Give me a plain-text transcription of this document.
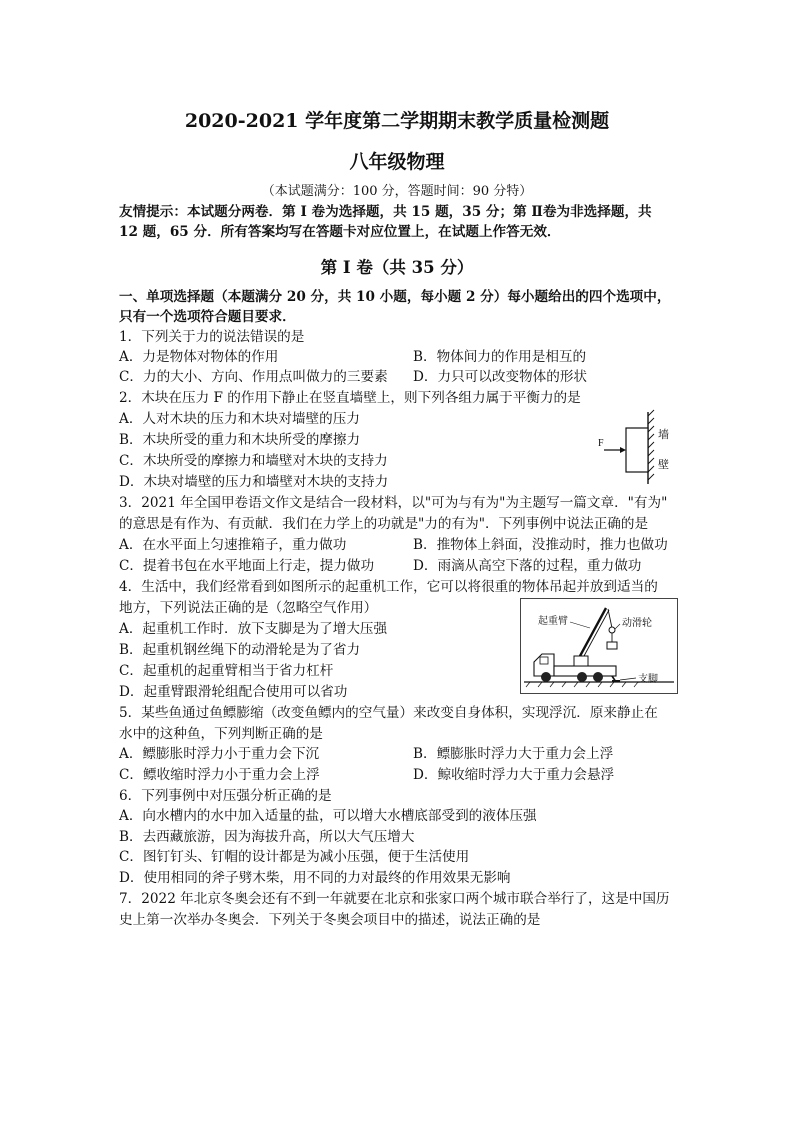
2020-2021 学年度第二学期期末教学质量检测题
八年级物理
（本试题满分：100 分，答题时间：90 分特）
友情提示：本试题分两卷．第 I 卷为选择题，共 15 题，35 分；第 Ⅱ卷为非选择题，共
12 题，65 分．所有答案均写在答题卡对应位置上，在试题上作答无效．
第 I 卷（共 35 分）
一、单项选择题（本题满分 20 分，共 10 小题，每小题 2 分）每小题给出的四个选项中，
只有一个选项符合题目要求．
1．下列关于力的说法错误的是
A．力是物体对物体的作用	B．物体间力的作用是相互的
C．力的大小、方向、作用点叫做力的三要素 D．力只可以改变物体的形状
2．木块在压力 F 的作用下静止在竖直墙壁上，则下列各组力属于平衡力的是
A．人对木块的压力和木块对墙壁的压力
B．木块所受的重力和木块所受的摩擦力
C．木块所受的摩擦力和墙壁对木块的支持力
D．木块对墙壁的压力和墙壁对木块的支持力
F
墙
壁
3．2021 年全国甲卷语文作文是结合一段材料，以"可为与有为"为主题写一篇文章．"有为"
的意思是有作为、有贡献．我们在力学上的功就是"力的有为"．下列事例中说法正确的是
A．在水平面上匀速推箱子，重力做功	B．推物体上斜面，没推动时，推力也做功
C．提着书包在水平地面上行走，提力做功	D．雨滴从高空下落的过程，重力做功
4．生活中，我们经常看到如图所示的起重机工作，它可以将很重的物体吊起并放到适当的
地方，下列说法正确的是（忽略空气作用）
A．起重机工作时．放下支脚是为了增大压强
B．起重机钢丝绳下的动滑轮是为了省力
C．起重机的起重臂相当于省力杠杆
D．起重臂跟滑轮组配合使用可以省功
起重臂	动滑轮
支脚
5．某些鱼通过鱼鳔膨缩（改变鱼鳔内的空气量）来改变自身体积，实现浮沉．原来静止在
水中的这种鱼，下列判断正确的是
A．鳔膨胀时浮力小于重力会下沉	B．鳔膨胀时浮力大于重力会上浮
C．鳔收缩时浮力小于重力会上浮	D．鲸收缩时浮力大于重力会悬浮
6．下列事例中对压强分析正确的是
A．向水槽内的水中加入适量的盐，可以增大水槽底部受到的液体压强
B．去西藏旅游，因为海拔升高，所以大气压增大
C．图钉钉头、钉帽的设计都是为减小压强，便于生活使用
D．使用相同的斧子劈木柴，用不同的力对最终的作用效果无影响
7．2022 年北京冬奥会还有不到一年就要在北京和张家口两个城市联合举行了，这是中国历
史上第一次举办冬奥会．下列关于冬奥会项目中的描述，说法正确的是
